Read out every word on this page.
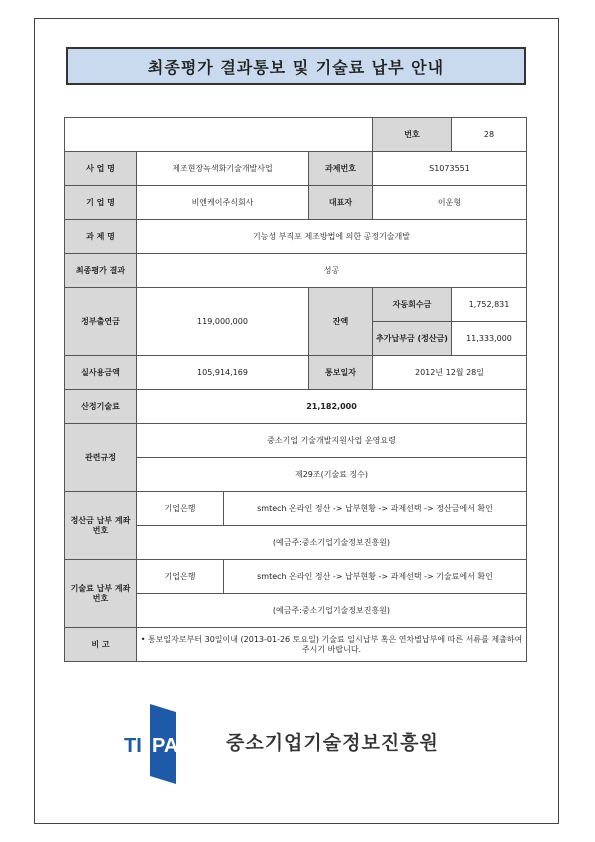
최종평가 결과통보 및 기술료 납부 안내
				번호	28
사 업 명	제조현장녹색화기술개발사업		과제번호	S1073551	
기 업 명	비엔케이주식회사		대표자	이운형	
과 제 명	기능성 부직포 제조방법에 의한 공정기술개발				
최종평가 결과	성공				
정부출연금	119,000,000		잔액	자동회수금	1,752,831
				추가납부금 (정산금)	11,333,000
실사용금액	105,914,169		통보일자	2012년 12월 28일	
산정기술료	21,182,000				
관련규정	중소기업 기술개발지원사업 운영요령				
	제29조(기술료 징수)				
정산금 납부 계좌번호	기업은행	smtech 온라인 정산 -> 납부현황 -> 과제선택 -> 정산금에서 확인			
	(예금주:중소기업기술정보진흥원)				
기술료 납부 계좌번호	기업은행	smtech 온라인 정산 -> 납부현황 -> 과제선택 -> 기술료에서 확인			
	(예금주:중소기업기술정보진흥원)				
비 고	• 통보일자로부터 30일이내 (2013-01-26 토요일) 기술료 일시납부 혹은 연차별납부에 따른 서류를 제출하여 주시기 바랍니다.				
TI PA	중소기업기술정보진흥원
